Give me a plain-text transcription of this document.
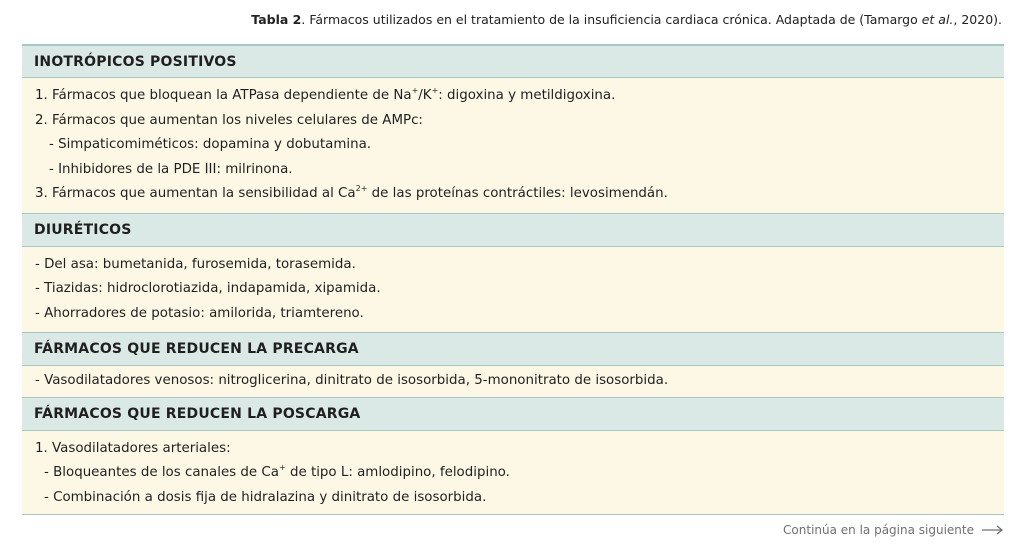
Tabla 2. Fármacos utilizados en el tratamiento de la insuficiencia cardiaca crónica. Adaptada de (Tamargo et al., 2020).
INOTRÓPICOS POSITIVOS
1. Fármacos que bloquean la ATPasa dependiente de Na+/K+: digoxina y metildigoxina.
2. Fármacos que aumentan los niveles celulares de AMPc:
- Simpaticomiméticos: dopamina y dobutamina.
- Inhibidores de la PDE III: milrinona.
3. Fármacos que aumentan la sensibilidad al $Ca^{2+}$ de las proteínas contráctiles: levosimendán.
DIURÉTICOS
- Del asa: bumetanida, furosemida, torasemida.
- Tiazidas: hidroclorotiazida, indapamida, xipamida.
- Ahorradores de potasio: amilorida, triamtereno.
FÁRMACOS QUE REDUCEN LA PRECARGA
- Vasodilatadores venosos: nitroglicerina, dinitrato de isosorbida, 5-mononitrato de isosorbida.
FÁRMACOS QUE REDUCEN LA POSCARGA
1. Vasodilatadores arteriales:
- Bloqueantes de los canales de Ca+ de tipo L: amlodipino, felodipino.
- Combinación a dosis fija de hidralazina y dinitrato de isosorbida.
Continúa en la página siguiente
